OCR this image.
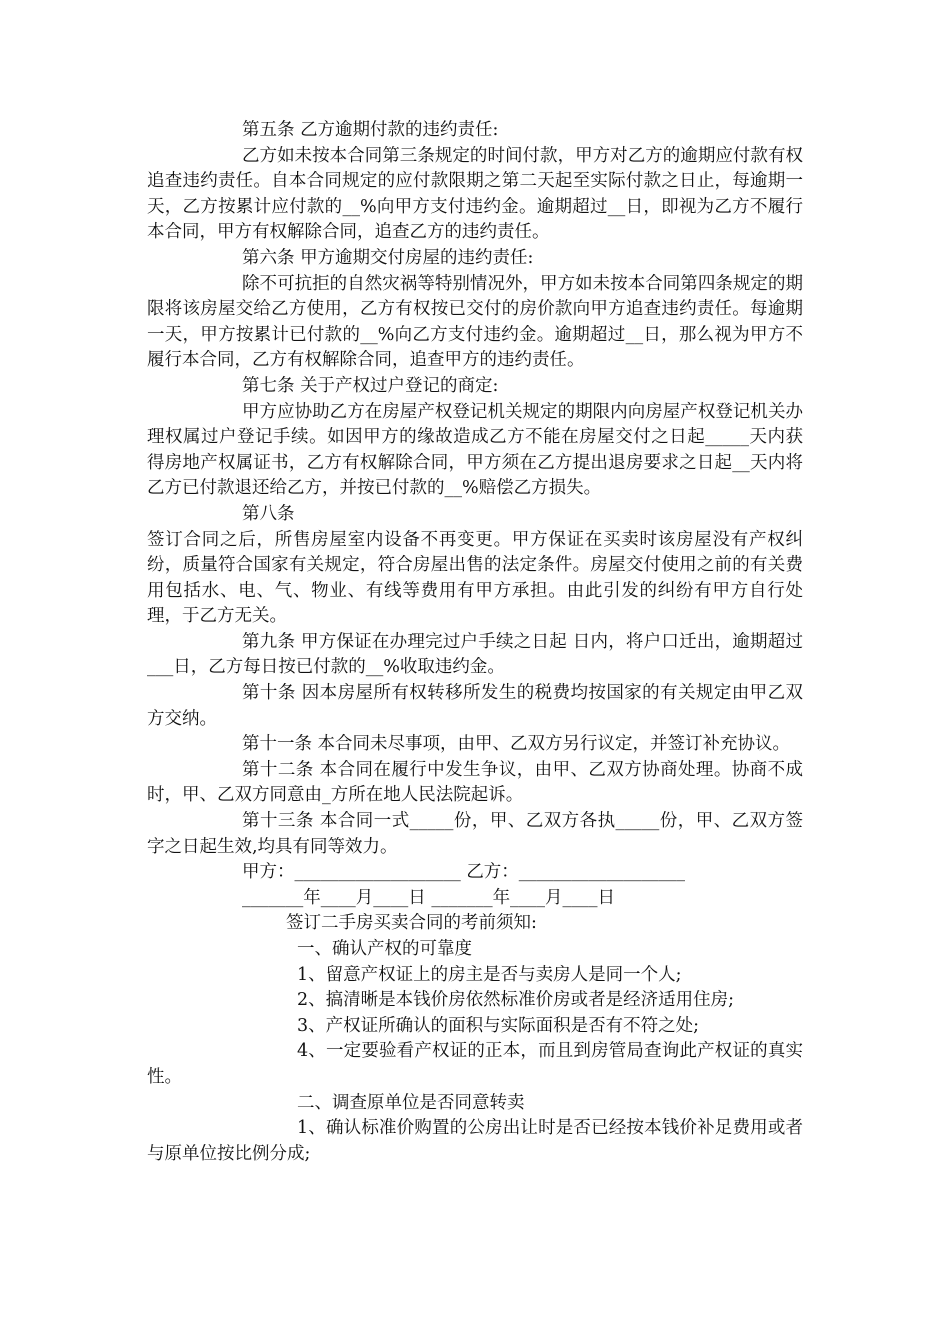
第五条 乙方逾期付款的违约责任:

乙方如未按本合同第三条规定的时间付款，甲方对乙方的逾期应付款有权追查违约责任。自本合同规定的应付款限期之第二天起至实际付款之日止，每逾期一天，乙方按累计应付款的__%向甲方支付违约金。逾期超过__日，即视为乙方不履行本合同，甲方有权解除合同，追查乙方的违约责任。

第六条 甲方逾期交付房屋的违约责任:

除不可抗拒的自然灾祸等特别情况外，甲方如未按本合同第四条规定的期限将该房屋交给乙方使用，乙方有权按已交付的房价款向甲方追查违约责任。每逾期一天，甲方按累计已付款的__%向乙方支付违约金。逾期超过__日，那么视为甲方不履行本合同，乙方有权解除合同，追查甲方的违约责任。

第七条 关于产权过户登记的商定:

甲方应协助乙方在房屋产权登记机关规定的期限内向房屋产权登记机关办理权属过户登记手续。如因甲方的缘故造成乙方不能在房屋交付之日起_____天内获得房地产权属证书，乙方有权解除合同，甲方须在乙方提出退房要求之日起__天内将乙方已付款退还给乙方，并按已付款的__%赔偿乙方损失。

第八条

签订合同之后，所售房屋室内设备不再变更。甲方保证在买卖时该房屋没有产权纠纷，质量符合国家有关规定，符合房屋出售的法定条件。房屋交付使用之前的有关费用包括水、电、气、物业、有线等费用有甲方承担。由此引发的纠纷有甲方自行处理，于乙方无关。

第九条 甲方保证在办理完过户手续之日起 日内，将户口迁出，逾期超过___日，乙方每日按已付款的__%收取违约金。

第十条 因本房屋所有权转移所发生的税费均按国家的有关规定由甲乙双方交纳。

第十一条 本合同未尽事项，由甲、乙双方另行议定，并签订补充协议。

第十二条 本合同在履行中发生争议，由甲、乙双方协商处理。协商不成时，甲、乙双方同意由_方所在地人民法院起诉。

第十三条 本合同一式_____份，甲、乙双方各执_____份，甲、乙双方签字之日起生效,均具有同等效力。

甲方：___________________ 乙方：___________________

_______年____月____日 _______年____月____日

签订二手房买卖合同的考前须知:

一、确认产权的可靠度

1、留意产权证上的房主是否与卖房人是同一个人;

2、搞清晰是本钱价房依然标准价房或者是经济适用住房;

3、产权证所确认的面积与实际面积是否有不符之处;

4、一定要验看产权证的正本，而且到房管局查询此产权证的真实性。

二、调查原单位是否同意转卖

1、确认标准价购置的公房出让时是否已经按本钱价补足费用或者与原单位按比例分成;
